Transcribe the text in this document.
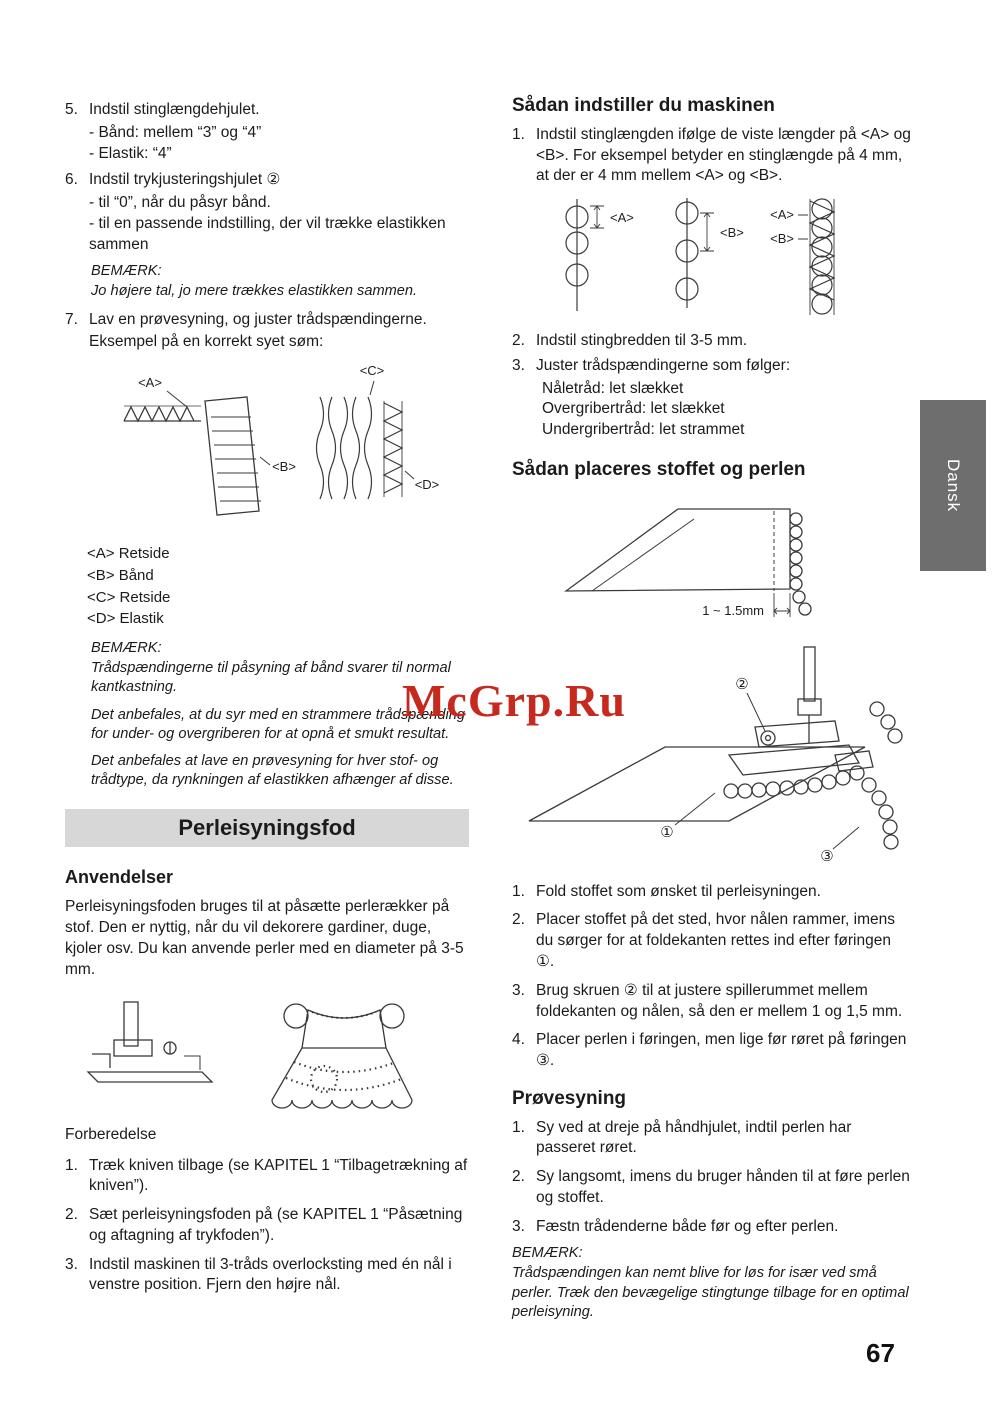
5. Indstil stinglængdehjulet.
- Bånd: mellem “3” og “4”
- Elastik: “4”
6. Indstil trykjusteringshjulet ②
- til “0”, når du påsyr bånd.
- til en passende indstilling, der vil trække elastikken sammen
BEMÆRK:
Jo højere tal, jo mere trækkes elastikken sammen.
7. Lav en prøvesyning, og juster trådspændingerne.
Eksempel på en korrekt syet søm:
<A>
<B>
<C>
<D>
<A> Retside
<B> Bånd
<C> Retside
<D> Elastik
BEMÆRK:
Trådspændingerne til påsyning af bånd svarer til normal kantkastning.
Det anbefales, at du syr med en strammere trådspænding for under- og overgriberen for at opnå et smukt resultat.
Det anbefales at lave en prøvesyning for hver stof- og trådtype, da rynkningen af elastikken afhænger af disse.
Perleisyningsfod
Anvendelser
Perleisyningsfoden bruges til at påsætte perlerækker på stof. Den er nyttig, når du vil dekorere gardiner, duge, kjoler osv. Du kan anvende perler med en diameter på 3-5 mm.
Forberedelse
1. Træk kniven tilbage (se KAPITEL 1 “Tilbagetrækning af kniven”).
2. Sæt perleisyningsfoden på (se KAPITEL 1 “Påsætning og aftagning af trykfoden”).
3. Indstil maskinen til 3-tråds overlocksting med én nål i venstre position. Fjern den højre nål.
Sådan indstiller du maskinen
1. Indstil stinglængden ifølge de viste længder på <A> og <B>. For eksempel betyder en stinglængde på 4 mm, at der er 4 mm mellem <A> og <B>.
<A>
<B>
<A>
<B>
2. Indstil stingbredden til 3-5 mm.
3. Juster trådspændingerne som følger:
Nåletråd: let slækket
Overgribertråd: let slækket
Undergribertråd: let strammet
Sådan placeres stoffet og perlen
1 ~ 1.5mm
②
①
③
1. Fold stoffet som ønsket til perleisyningen.
2. Placer stoffet på det sted, hvor nålen rammer, imens du sørger for at foldekanten rettes ind efter føringen ①.
3. Brug skruen ② til at justere spillerummet mellem foldekanten og nålen, så den er mellem 1 og 1,5 mm.
4. Placer perlen i føringen, men lige før røret på føringen ③.
Prøvesyning
1. Sy ved at dreje på håndhjulet, indtil perlen har passeret røret.
2. Sy langsomt, imens du bruger hånden til at føre perlen og stoffet.
3. Fæstn trådenderne både før og efter perlen.
BEMÆRK:
Trådspændingen kan nemt blive for løs for især ved små perler. Træk den bevægelige stingtunge tilbage for en optimal perleisyning.
Dansk
McGrp.Ru
67
